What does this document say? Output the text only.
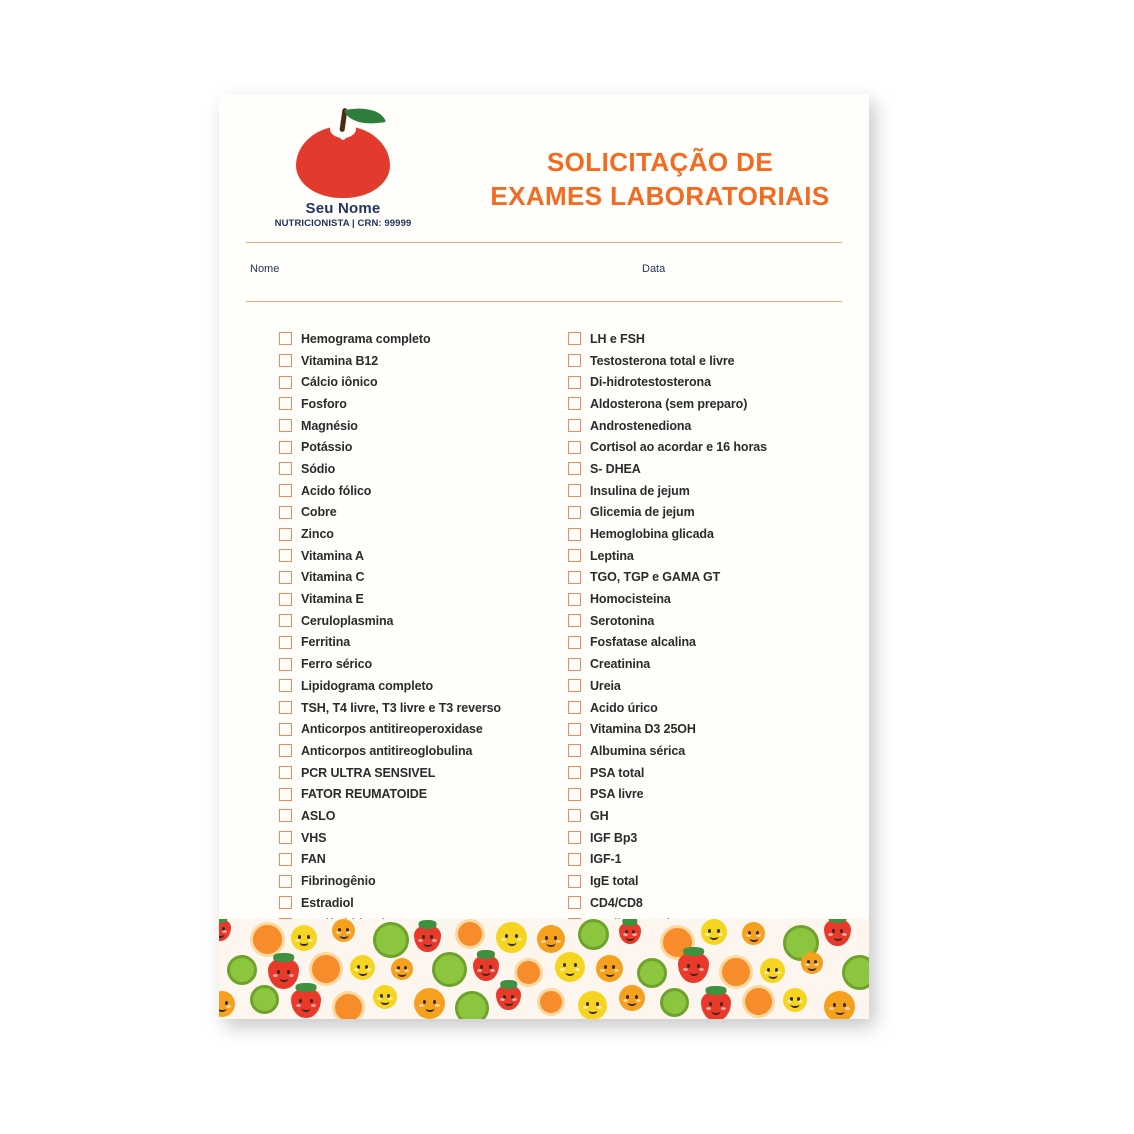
Seu Nome
NUTRICIONISTA | CRN: 99999
SOLICITAÇÃO DE
EXAMES LABORATORIAIS
Nome	Data
Hemograma completo
Vitamina B12
Cálcio iônico
Fosforo
Magnésio
Potássio
Sódio
Acido fólico
Cobre
Zinco
Vitamina A
Vitamina C
Vitamina E
Ceruloplasmina
Ferritina
Ferro sérico
Lipidograma completo
TSH, T4 livre, T3 livre e T3 reverso
Anticorpos antitireoperoxidase
Anticorpos antitireoglobulina
PCR ULTRA SENSIVEL
FATOR REUMATOIDE
ASLO
VHS
FAN
Fibrinogênio
Estradiol
LH e FSH
Testosterona total e livre
Di-hidrotestosterona
Aldosterona (sem preparo)
Androstenediona
Cortisol ao acordar e 16 horas
S- DHEA
Insulina de jejum
Glicemia de jejum
Hemoglobina glicada
Leptina
TGO, TGP e GAMA GT
Homocisteina
Serotonina
Fosfatase alcalina
Creatinina
Ureia
Acido úrico
Vitamina D3 25OH
Albumina sérica
PSA total
PSA livre
GH
IGF Bp3
IGF-1
IgE total
CD4/CD8
